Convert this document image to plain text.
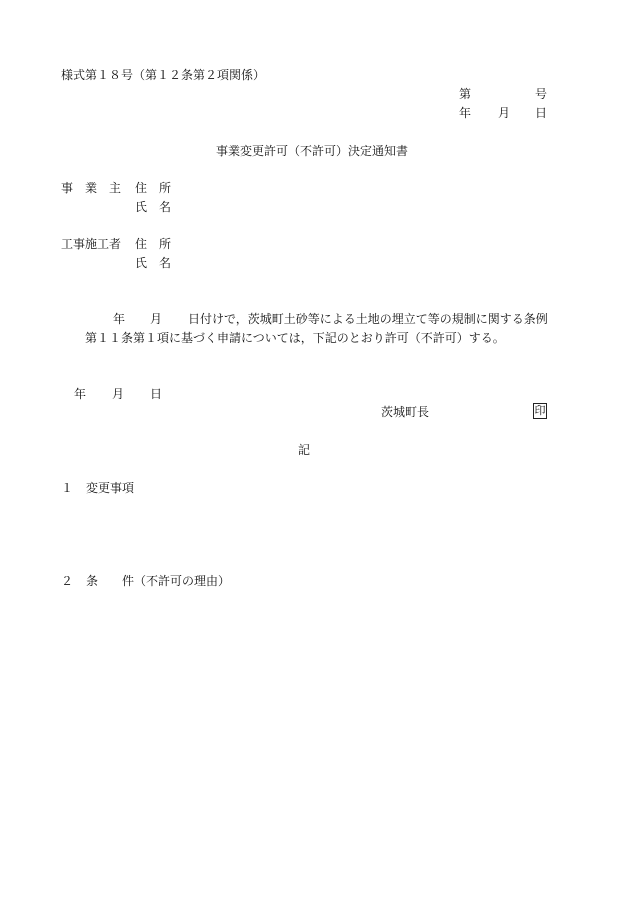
様式第１８号（第１２条第２項関係）
第	号
年 月 日
事業変更許可（不許可）決定通知書
事　業　主 住　所
氏　名
工事施工者 住　所
氏　名
年 月 日付けで，茨城町土砂等による土地の埋立て等の規制に関する条例
第１１条第１項に基づく申請については，下記のとおり許可（不許可）する。
年 月 日
茨城町長	印
記
１ 変更事項
２ 条　　件（不許可の理由）
